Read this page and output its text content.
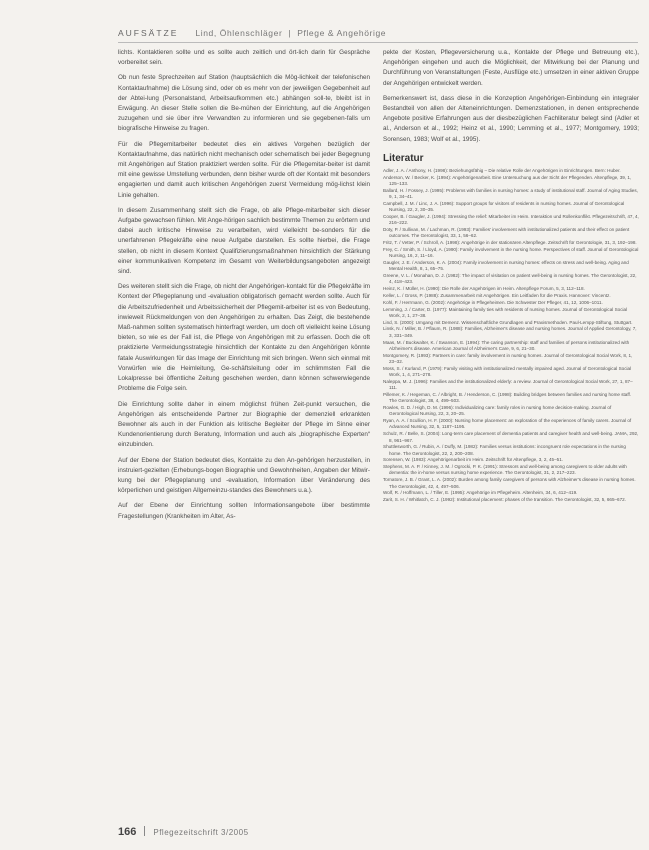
AUFSÄTZE Lind, Öhlenschläger | Pflege & Angehörige

lichts. Kontaktieren sollte und es sollte auch zeitlich und ört-lich darin für Gespräche vorbereitet sein.

Ob nun feste Sprechzeiten auf Station (hauptsächlich die Mög-lichkeit der telefonischen Kontaktaufnahme) die Lösung sind, oder ob es mehr von der jeweiligen Gegebenheit auf der Abtei-lung (Personalstand, Arbeitsaufkommen etc.) abhängen soll-te, bleibt ist in Erwägung. An dieser Stelle sollen die Be-mühen der Einrichtung, auf die Angehörigen zuzugehen und sie über ihre Verwandten zu informieren und sie gegebenen-falls um biografische Hinweise zu fragen.

Für die Pflegemitarbeiter bedeutet dies ein aktives Vorgehen bezüglich der Kontaktaufnahme, das natürlich nicht mechanisch oder schematisch bei jeder Begegnung mit Angehörigen auf Station praktiziert werden sollte. Für die Pflegemitar-beiter ist damit mit eine gewisse Umstellung verbunden, denn bisher wurde oft der Kontakt mit besonders engagierten und damit auch kritischen Angehörigen zuerst Vermeidung mög-lichst klein Linie gehalten.

In diesem Zusammenhang stellt sich die Frage, ob alle Pflege-mitarbeiter sich dieser Aufgabe gewachsen fühlen. Mit Ange-hörigen sachlich bestimmte Themen zu erörtern und dabei auch kritische Hinweise zu verarbeiten, wird vielleicht be-sonders für die unerfahrenen Pflegekräfte eine neue Aufgabe darstellen. Es sollte hierbei, die Frage stellen, ob nicht in diesem Kontext Qualifizierungsmaßnahmen hinsichtlich der Stärkung einer kommunikativen Kompetenz im Gesamt von Weiterbildungsangeboten angezeigt sind.

Des weiteren stellt sich die Frage, ob nicht der Angehörigen-kontakt für die Pflegekräfte im Kontext der Pflegeplanung und -evaluation obligatorisch gemacht werden sollte. Auch für die Arbeitszufriedenheit und Arbeitssicherheit der Pflegemit-arbeiter ist es von Bedeutung, inwieweit Rückmeldungen von den Angehörigen zu erhalten. Das Zeigt, die bestehende Maß-nahmen sollten systematisch hinterfragt werden, um doch oft vielleicht keine Lösung bieten, so wie es der Fall ist, die Pflege von Angehörigen mit zu erfassen. Doch die oft praktizierte Vermeidungsstrategie hinsichtlich der Kontakte zu den Angehörigen könnte fatale Auswirkungen für das Image der Einrichtung mit sich bringen. Wenn sich einmal mit Vorwürfen wie die Heimleitung, Ge-schäftsleitung oder im schlimmsten Fall die Lokalpresse bei öffentliche Zeitung geschehen werden, dann können schwerwiegende Probleme die Folge sein.

Die Einrichtung sollte daher in einem möglichst frühen Zeit-punkt versuchen, die Angehörigen als entscheidende Partner zur Biographie der demenziell erkrankten Bewohner als auch in der Funktion als kritische Begleiter der Pflege im Sinne einer Kundenorientierung durch Beratung, Information und auch als „biographische Experten“ einzubinden.

Auf der Ebene der Station bedeutet dies, Kontakte zu den An-gehörigen herzustellen, in instruiert-gezielten (Erhebungs-bogen Biographie und Gewohnheiten, Angaben der Mitwir-kung bei der Pflegeplanung und -evaluation, Information über Veränderung des körperlichen und geistigen Allgemeinzu-standes des Bewohners u.a.).

Auf der Ebene der Einrichtung sollten Informationsangebote über bestimmte Fragestellungen (Krankheiten im Alter, As-

pekte der Kosten, Pflegeversicherung u.a., Kontakte der Pflege und Betreuung etc.), Angehörigen eingehen und auch die Möglichkeit, der Mitwirkung bei der Planung und Durchführung von Veranstaltungen (Feste, Ausflüge etc.) umsetzen in einer aktiven Gruppe der Angehörigen entwickelt werden.

Bemerkenswert ist, dass diese in die Konzeption Angehörigen-Einbindung ein integraler Bestandteil von allen der Alteneinrichtungen. Demenzstationen, in denen entsprechende Angebote positive Erfahrungen aus der diesbezüglichen Fachliteratur belegt sind (Adler et al., Anderson et al., 1992; Heinz et al., 1990; Lemming et al., 1977; Montgomery, 1993; Sorensen, 1983; Wolf et al., 1995).

Literatur
Adler, J. A. / Anthony, H. (1998): Beziehungsfähig – Die relative Rolle der Angehörigen in Einrichtungen. Bern: Huber.
Anderson, W. / Becker, K. (1994): Angehörigenarbeit. Eine Untersuchung aus der Sicht der Pflegenden. Altenpflege, 39, 1, 125–133.
Ballard, H. / Fossey, J. (1995): Problems with families in nursing homes: a study of institutional staff. Journal of Aging Studies, 9, 1, 34–41.
Campbell, J. M. / Linc, J. A. (1996): Support groups for visitors of residents in nursing homes. Journal of Gerontological Nursing, 22, 2, 30–35.
Cooper, B. / Gaugler, J. (1994): Stressing the relief: Mitarbeiter im Heim. Interaktion und Rollenkonflikt. Pflegezeitschrift, 47, 4, 216–222.
Doty, P. / Sullivan, M. / Lachman, R. (1993): Families' involvement with institutionalized patients and their effect on patient outcomes. The Gerontologist, 33, 1, 56–62.
Fritz, T. / Vetter, P. / Schroll, A. (1998): Angehörige in der stationären Altenpflege. Zeitschrift für Gerontologie, 31, 3, 192–198.
Frey, C. / Smith, S. / Lloyd, A. (1990): Family involvement in the nursing home. Perspectives of staff. Journal of Gerontological Nursing, 16, 2, 11–16.
Gaugler, J. E. / Anderson, K. A. (2004): Family involvement in nursing homes: effects on stress and well-being. Aging and Mental Health, 8, 1, 65–75.
Greene, V. L. / Monahan, D. J. (1982): The impact of visitation on patient well-being in nursing homes. The Gerontologist, 22, 4, 418–423.
Heinz, K. / Müller, H. (1990): Die Rolle der Angehörigen im Heim. Altenpflege Forum, 5, 3, 112–118.
Keller, L. / Gross, P. (1988): Zusammenarbeit mit Angehörigen. Ein Leitfaden für die Praxis. Hannover: Vincentz.
Kohl, F. / Herrmann, G. (2002): Angehörige in Pflegeheimen. Die Schwester Der Pfleger, 41, 12, 1006–1011.
Lemming, J. / Carter, D. (1977): Maintaining family ties with residents of nursing homes. Journal of Gerontological Social Work, 2, 1, 27–38.
Lind, S. (2000): Umgang mit Demenz. Wissenschaftliche Grundlagen und Praxismethoden. Paul-Lempp-Stiftung, Stuttgart.
Linsk, N. / Miller, B. / Pflaum, R. (1988): Families, Alzheimer's disease and nursing homes. Journal of Applied Gerontology, 7, 3, 331–349.
Maas, M. / Buckwalter, K. / Swanson, E. (1994): The caring partnership: staff and families of persons institutionalized with Alzheimer's disease. American Journal of Alzheimer's Care, 9, 6, 21–30.
Montgomery, R. (1993): Partners in care: family involvement in nursing homes. Journal of Gerontological Social Work, 8, 1, 23–32.
Moss, S. / Kurland, P. (1979): Family visiting with institutionalized mentally impaired aged. Journal of Gerontological Social Work, 1, 4, 271–278.
Naleppa, M. J. (1996): Families and the institutionalized elderly: a review. Journal of Gerontological Social Work, 27, 1, 87–111.
Pillemer, K. / Hegeman, C. / Albright, B. / Henderson, C. (1998): Building bridges between families and nursing home staff. The Gerontologist, 38, 4, 499–503.
Rowles, G. D. / High, D. M. (1996): Individualizing care: family roles in nursing home decision-making. Journal of Gerontological Nursing, 22, 3, 20–25.
Ryan, A. A. / Scullion, H. F. (2000): Nursing home placement: an exploration of the experiences of family carers. Journal of Advanced Nursing, 32, 5, 1187–1195.
Schulz, R. / Belle, S. (2004): Long-term care placement of dementia patients and caregiver health and well-being. JAMA, 292, 8, 961–967.
Shuttlesworth, G. / Rubin, A. / Duffy, M. (1982): Families versus institutions: incongruent role expectations in the nursing home. The Gerontologist, 22, 2, 200–208.
Sorensen, W. (1983): Angehörigenarbeit im Heim. Zeitschrift für Altenpflege, 3, 2, 45–51.
Stephens, M. A. P. / Kinney, J. M. / Ogrocki, P. K. (1991): Stressors and well-being among caregivers to older adults with dementia: the in-home versus nursing home experience. The Gerontologist, 31, 2, 217–223.
Tornatore, J. B. / Grant, L. A. (2002): Burden among family caregivers of persons with Alzheimer's disease in nursing homes. The Gerontologist, 42, 4, 497–506.
Wolf, R. / Hoffmann, L. / Tiller, E. (1995): Angehörige im Pflegeheim. Altenheim, 34, 6, 412–419.
Zarit, S. H. / Whitlatch, C. J. (1992): Institutional placement: phases of the transition. The Gerontologist, 32, 5, 665–672.
166 Pflegezeitschrift 3/2005
